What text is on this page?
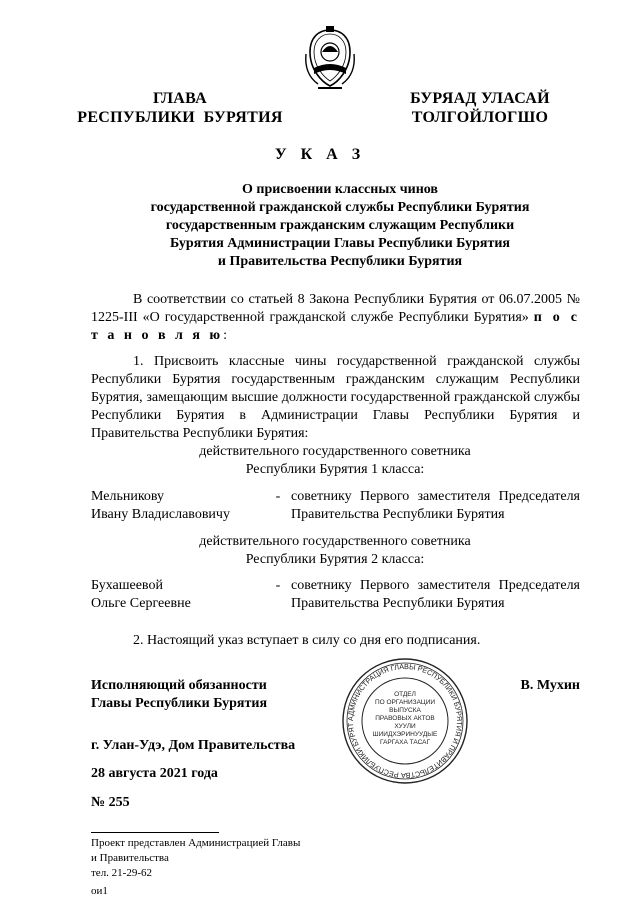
ГЛАВА
РЕСПУБЛИКИ  БУРЯТИЯ
БУРЯАД УЛАСАЙ
ТОЛГОЙЛОГШО
У К А З
О присвоении классных чинов
государственной гражданской службы Республики Бурятия
государственным гражданским служащим Республики
Бурятия Администрации Главы Республики Бурятия
и Правительства Республики Бурятия
В соответствии со статьей 8 Закона Республики Бурятия от 06.07.2005 № 1225-III «О государственной гражданской службе Республики Бурятия» п о с т а н о в л я ю:
1. Присвоить классные чины государственной гражданской службы Республики Бурятия государственным гражданским служащим Республики Бурятия, замещающим высшие должности государственной гражданской службы Республики Бурятия в Администрации Главы Республики Бурятия и Правительства Республики Бурятия:
действительного государственного советника
Республики Бурятия 1 класса:
Мельникову
Ивану Владиславовичу
- советнику Первого заместителя Председателя Правительства Республики Бурятия
действительного государственного советника
Республики Бурятия 2 класса:
Бухашеевой
Ольге Сергеевне
- советнику Первого заместителя Председателя Правительства Республики Бурятия
2. Настоящий указ вступает в силу со дня его подписания.
АДМИНИСТРАЦИЯ ГЛАВЫ РЕСПУБЛИКИ БУРЯТИЯ И ПРАВИТЕЛЬСТВА РЕСПУБЛИКИ БУРЯТ
ОТДЕЛ
ПО ОРГАНИЗАЦИИ
ВЫПУСКА
ПРАВОВЫХ АКТОВ
ХУУЛИ
ШИИДХЭРИНУУДЫЕ
ГАРГАХА ТАСАГ
Исполняющий обязанности
Главы Республики Бурятия
В. Мухин
г. Улан-Удэ, Дом Правительства
28 августа 2021 года
№ 255
Проект представлен Администрацией Главы
и Правительства
тел. 21-29-62
ои1
